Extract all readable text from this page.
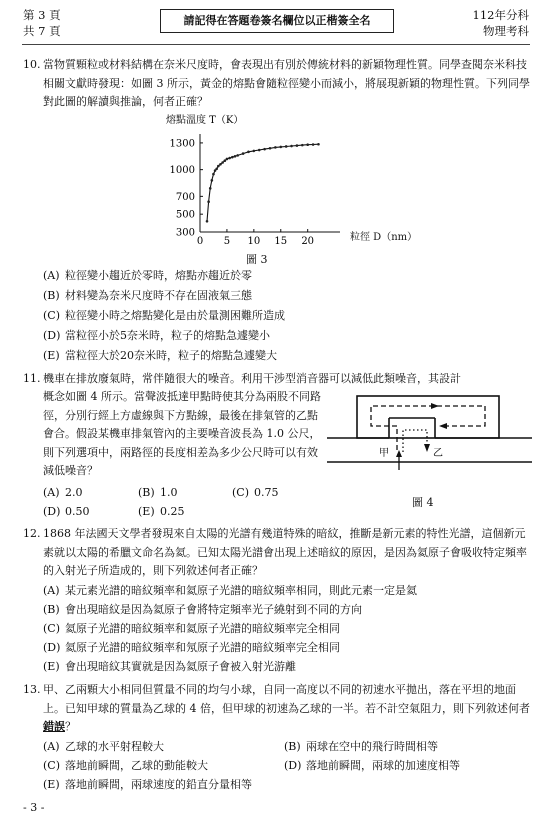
第 3 頁
共 7 頁
請記得在答題卷簽名欄位以正楷簽全名	112年分科
物理考科
10. 當物質顆粒或材料結構在奈米尺度時，會表現出有別於傳統材料的新穎物理性質。同學查閱奈米科技相關文獻時發現：如圖 3 所示，黃金的熔點會隨粒徑變小而減小，將展現新穎的物理性質。下列同學對此圖的解讀與推論，何者正確？
熔點溫度 T（K）
300
500
700
1000
1300
0 5 10 15 20	粒徑 D（nm）
圖 3
(A) 粒徑變小趨近於零時，熔點亦趨近於零
(B) 材料變為奈米尺度時不存在固液氣三態
(C) 粒徑變小時之熔點變化是由於量測困難所造成
(D) 當粒徑小於5奈米時，粒子的熔點急遽變小
(E) 當粒徑大於20奈米時，粒子的熔點急遽變大
11. 機車在排放廢氣時，常伴隨很大的噪音。利用干涉型消音器可以減低此類噪音，其設計
概念如圖 4 所示。當聲波抵達甲點時使其分為兩股不同路徑，分別行經上方虛線與下方點線，最後在排氣管的乙點會合。假設某機車排氣管內的主要噪音波長為 1.0 公尺，則下列選項中，兩路徑的長度相差為多少公尺時可以有效減低噪音？
甲	乙
圖 4
(A) 2.0	(B) 1.0	(C) 0.75
(D) 0.50	(E) 0.25
12. 1868 年法國天文學者發現來自太陽的光譜有幾道特殊的暗紋，推斷是新元素的特性光譜，這個新元素就以太陽的希臘文命名為氦。已知太陽光譜會出現上述暗紋的原因，是因為氦原子會吸收特定頻率的入射光子所造成的，則下列敘述何者正確？
(A) 某元素光譜的暗紋頻率和氦原子光譜的暗紋頻率相同，則此元素一定是氦
(B) 會出現暗紋是因為氦原子會將特定頻率光子繞射到不同的方向
(C) 氦原子光譜的暗紋頻率和氦原子光譜的暗紋頻率完全相同
(D) 氦原子光譜的暗紋頻率和氖原子光譜的暗紋頻率完全相同
(E) 會出現暗紋其實就是因為氦原子會被入射光游離
13. 甲、乙兩顆大小相同但質量不同的均勻小球，自同一高度以不同的初速水平拋出，落在平坦的地面上。已知甲球的質量為乙球的 4 倍，但甲球的初速為乙球的一半。若不計空氣阻力，則下列敘述何者錯誤？
(A) 乙球的水平射程較大	(B) 兩球在空中的飛行時間相等
(C) 落地前瞬間，乙球的動能較大	(D) 落地前瞬間，兩球的加速度相等
(E) 落地前瞬間，兩球速度的鉛直分量相等
- 3 -
